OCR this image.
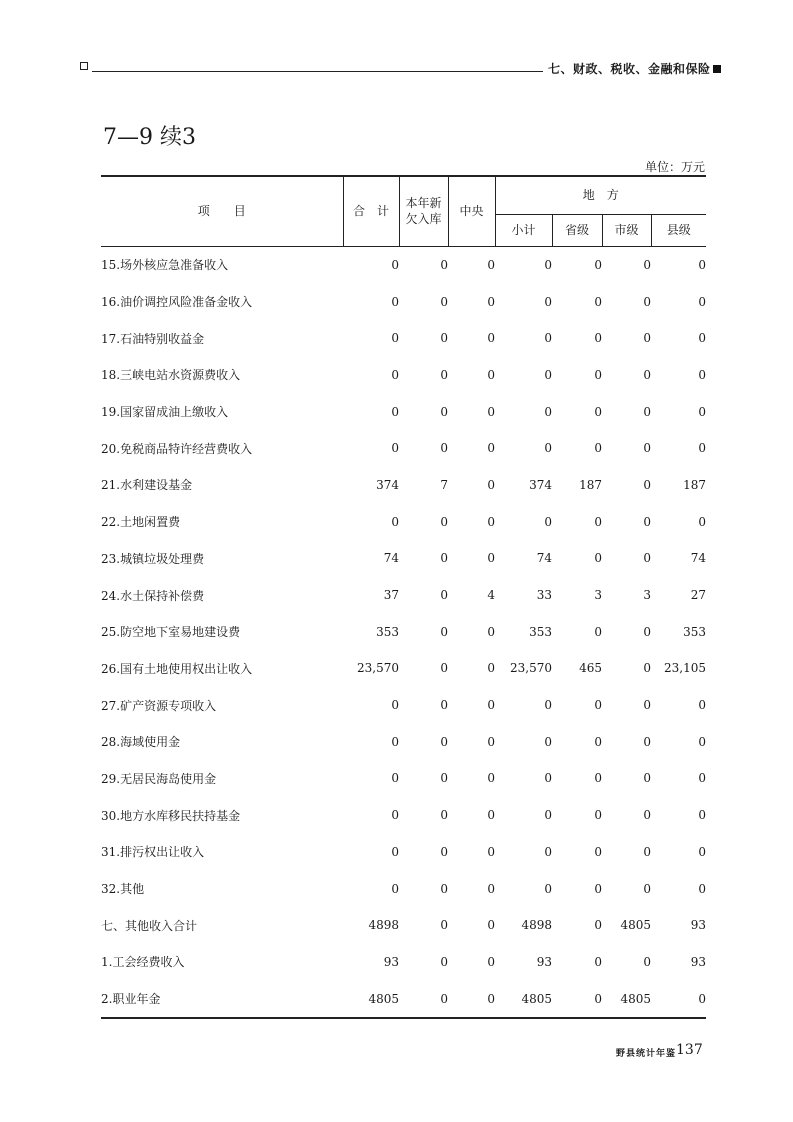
七、财政、税收、金融和保险
7—9 续3
单位：万元
项　　目	合　计	本年新欠入库	中央	地　方			
				小计	省级	市级	县级
15.场外核应急准备收入	0	0	0	0	0	0	0
16.油价调控风险准备金收入	0	0	0	0	0	0	0
17.石油特别收益金	0	0	0	0	0	0	0
18.三峡电站水资源费收入	0	0	0	0	0	0	0
19.国家留成油上缴收入	0	0	0	0	0	0	0
20.免税商品特许经营费收入	0	0	0	0	0	0	0
21.水利建设基金	374	7	0	374	187	0	187
22.土地闲置费	0	0	0	0	0	0	0
23.城镇垃圾处理费	74	0	0	74	0	0	74
24.水土保持补偿费	37	0	4	33	3	3	27
25.防空地下室易地建设费	353	0	0	353	0	0	353
26.国有土地使用权出让收入	23,570	0	0	23,570	465	0	23,105
27.矿产资源专项收入	0	0	0	0	0	0	0
28.海域使用金	0	0	0	0	0	0	0
29.无居民海岛使用金	0	0	0	0	0	0	0
30.地方水库移民扶持基金	0	0	0	0	0	0	0
31.排污权出让收入	0	0	0	0	0	0	0
32.其他	0	0	0	0	0	0	0
七、其他收入合计	4898	0	0	4898	0	4805	93
1.工会经费收入	93	0	0	93	0	0	93
2.职业年金	4805	0	0	4805	0	4805	0
野县统计年鉴 137
